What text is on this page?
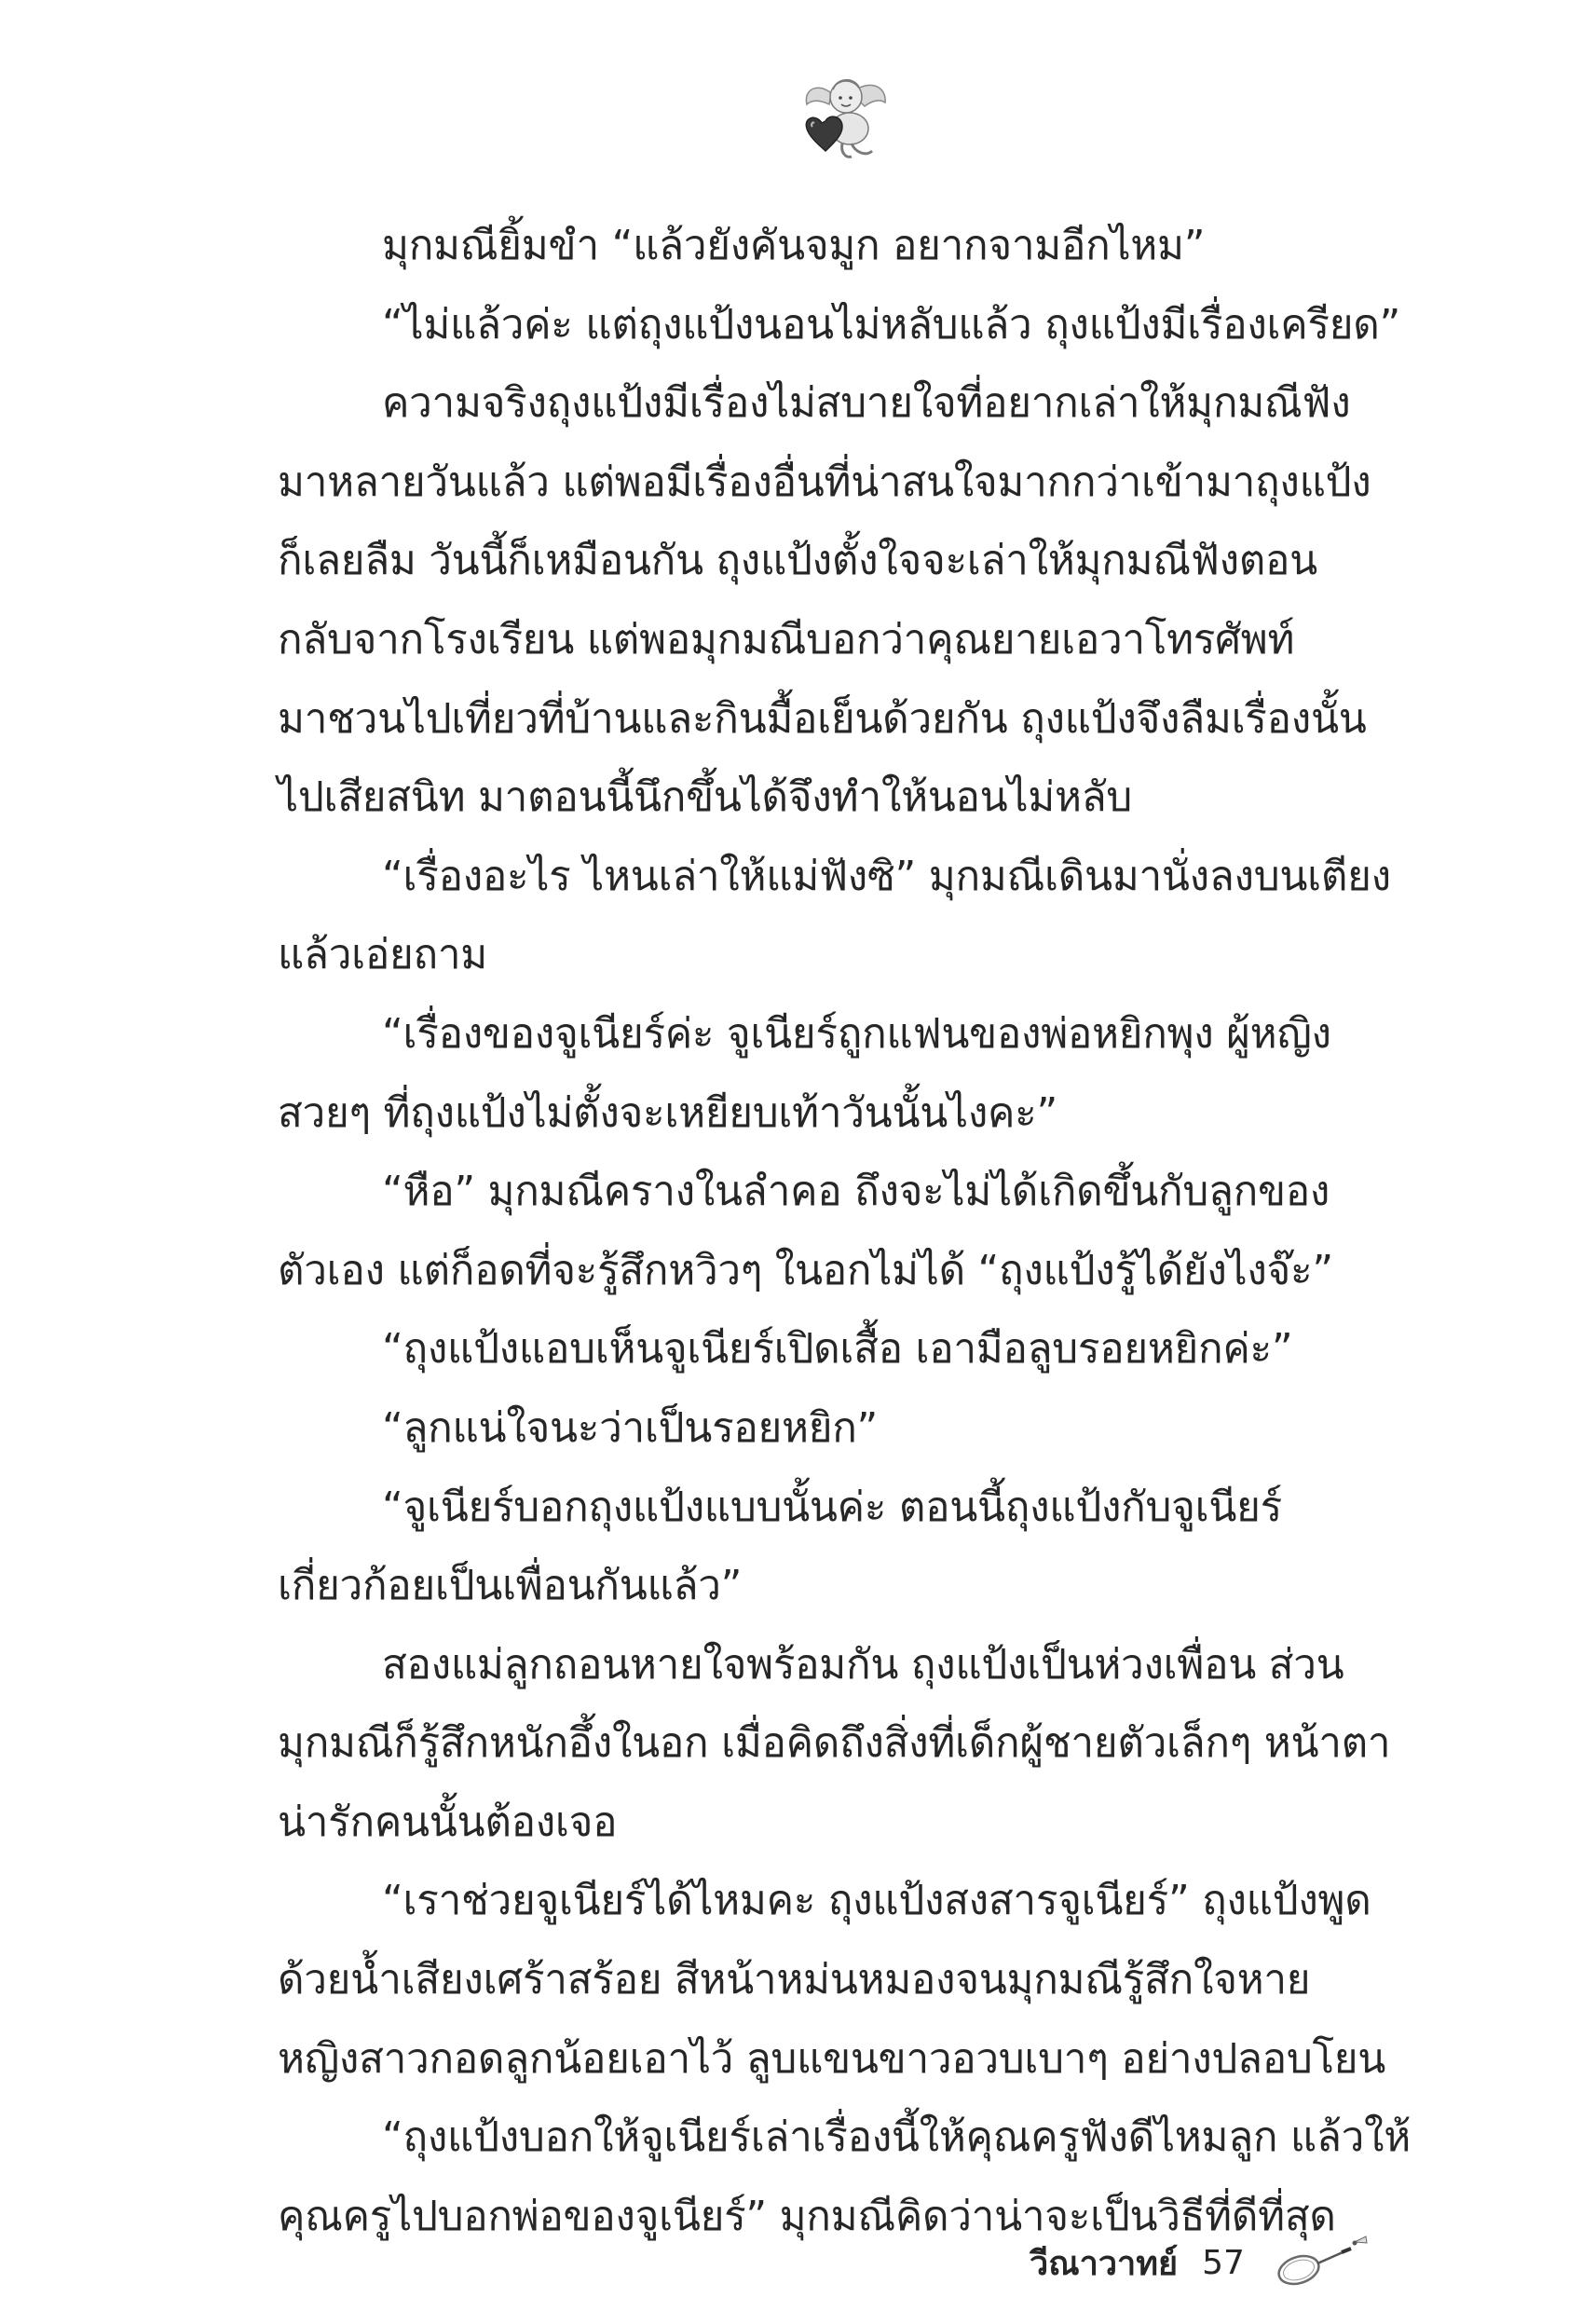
มุกมณียิ้มขำ “แล้วยังคันจมูก อยากจามอีกไหม”
“ไม่แล้วค่ะ แต่ถุงแป้งนอนไม่หลับแล้ว ถุงแป้งมีเรื่องเครียด”
ความจริงถุงแป้งมีเรื่องไม่สบายใจที่อยากเล่าให้มุกมณีฟัง
มาหลายวันแล้ว แต่พอมีเรื่องอื่นที่น่าสนใจมากกว่าเข้ามาถุงแป้ง
ก็เลยลืม วันนี้ก็เหมือนกัน ถุงแป้งตั้งใจจะเล่าให้มุกมณีฟังตอน
กลับจากโรงเรียน แต่พอมุกมณีบอกว่าคุณยายเอวาโทรศัพท์
มาชวนไปเที่ยวที่บ้านและกินมื้อเย็นด้วยกัน ถุงแป้งจึงลืมเรื่องนั้น
ไปเสียสนิท มาตอนนี้นึกขึ้นได้จึงทำให้นอนไม่หลับ
“เรื่องอะไร ไหนเล่าให้แม่ฟังซิ” มุกมณีเดินมานั่งลงบนเตียง
แล้วเอ่ยถาม
“เรื่องของจูเนียร์ค่ะ จูเนียร์ถูกแฟนของพ่อหยิกพุง ผู้หญิง
สวยๆ ที่ถุงแป้งไม่ตั้งจะเหยียบเท้าวันนั้นไงคะ”
“หือ” มุกมณีครางในลำคอ ถึงจะไม่ได้เกิดขึ้นกับลูกของ
ตัวเอง แต่ก็อดที่จะรู้สึกหวิวๆ ในอกไม่ได้ “ถุงแป้งรู้ได้ยังไงจ๊ะ”
“ถุงแป้งแอบเห็นจูเนียร์เปิดเสื้อ เอามือลูบรอยหยิกค่ะ”
“ลูกแน่ใจนะว่าเป็นรอยหยิก”
“จูเนียร์บอกถุงแป้งแบบนั้นค่ะ ตอนนี้ถุงแป้งกับจูเนียร์
เกี่ยวก้อยเป็นเพื่อนกันแล้ว”
สองแม่ลูกถอนหายใจพร้อมกัน ถุงแป้งเป็นห่วงเพื่อน ส่วน
มุกมณีก็รู้สึกหนักอึ้งในอก เมื่อคิดถึงสิ่งที่เด็กผู้ชายตัวเล็กๆ หน้าตา
น่ารักคนนั้นต้องเจอ
“เราช่วยจูเนียร์ได้ไหมคะ ถุงแป้งสงสารจูเนียร์” ถุงแป้งพูด
ด้วยน้ำเสียงเศร้าสร้อย สีหน้าหม่นหมองจนมุกมณีรู้สึกใจหาย
หญิงสาวกอดลูกน้อยเอาไว้ ลูบแขนขาวอวบเบาๆ อย่างปลอบโยน
“ถุงแป้งบอกให้จูเนียร์เล่าเรื่องนี้ให้คุณครูฟังดีไหมลูก แล้วให้
คุณครูไปบอกพ่อของจูเนียร์” มุกมณีคิดว่าน่าจะเป็นวิธีที่ดีที่สุด
วีณาวาทย์ 57
